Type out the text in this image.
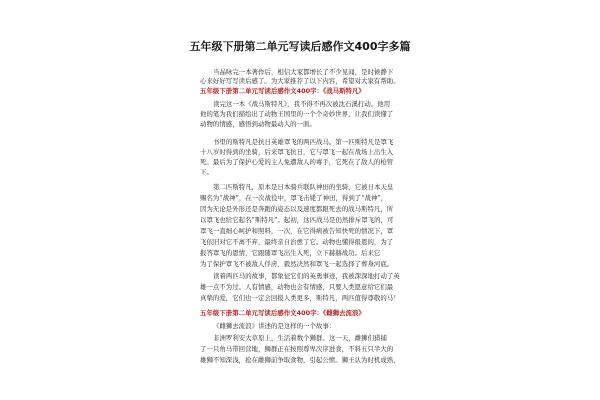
五年级下册第二单元写读后感作文400字多篇
当晶咏完一本著作后，相信大家都增长了不少见闻，是时候静下
心来好好写写读后感了。为大家推荐了以下内容，希望对大家有帮助。
五年级下册第二单元写读后感作文400字：《战马斯特凡》
读完这一本《战马斯特凡》，我不得不再次被沈石溪打动。他用
他的笔为我们描绘出了动物王国里的一个个奇妙世界，让我们读懂了
动物的情感，感悟到动物最动人的一面。
书里的斯特凡是抗日英雄罩飞的两匹战马。第一匹斯特凡是罩飞
十八岁时得到的坐骑，后来罩飞抗日，它与罩飞一起在战场上出生入
死。最后为了保护心爱的主人免遭敌人的毒手，它死在了敌人的枪管
下。
第二匹斯特凡，原本是日本骑兵联队神田的坐骑，它被日本天皇
赐名为“战神”，在一次战役中，罩飞击毙了神田，得到了“战神”，
因为无论是外形还是奔跑的姿态以及速度都跟死去的战马斯特凡，所
以罩飞也给它起名“斯特凡”。起初，这匹战马是仍然排斥罩飞的，可
罩飞一直细心呵护和照料，一次，在它得病被告知快死的情况下，罩
飞依旧对它不离不弃，最终亲自治愈了它。动物也懂得报恩的，为了
报答罩飞的恩情，它跟随罩飞出生入死，立下赫赫战功。后来它
为了保护罩飞不被敌人俘虏，毅然决然和罩飞一起选择了葬身河底。
读着两匹马的故事，都象征它们的英勇事迹，我被深深地打动了英
雄一点不为过。人有情感，动物也会有情感，只要人类愿意给它们最
真挚的爱，它们也一定会回报人类更多，斯特凡，两匹值得尊敬的马！
五年级下册第二单元写读后感作文400字：《雌狮去流浪》
《雌狮去流浪》讲述的是这样的一个故事：
非洲罗利安大草原上，生活着数个狮群。这一天，雌狮们猎捕
了一只角马带回营地，狮群正在按照尊卑次序进食，不料五只半大的
雄狮不知深浅，抢在雌狮前争取食物，引起公愤。狮王认为时机成熟，
